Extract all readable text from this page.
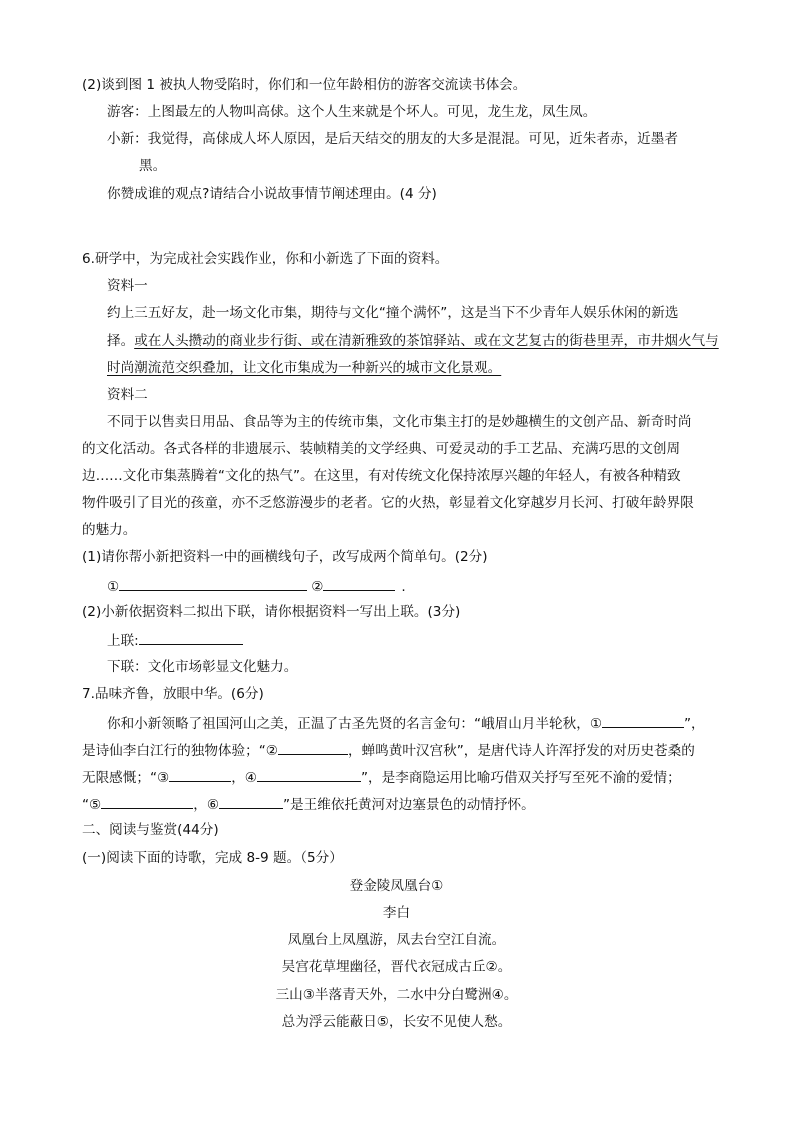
(2)谈到图 1 被执人物受陷时，你们和一位年龄相仿的游客交流读书体会。
游客：上图最左的人物叫高俅。这个人生来就是个坏人。可见，龙生龙，凤生凤。
小新：我觉得，高俅成人坏人原因，是后天结交的朋友的大多是混混。可见，近朱者赤，近墨者
黑。
你赞成谁的观点?请结合小说故事情节阐述理由。(4 分)
6.研学中，为完成社会实践作业，你和小新选了下面的资料。
资料一
约上三五好友，赴一场文化市集，期待与文化“撞个满怀”，这是当下不少青年人娱乐休闲的新选
择。或在人头攒动的商业步行街、或在清新雅致的茶馆驿站、或在文艺复古的街巷里弄，市井烟火气与
时尚潮流范交织叠加，让文化市集成为一种新兴的城市文化景观。
资料二
不同于以售卖日用品、食品等为主的传统市集，文化市集主打的是妙趣横生的文创产品、新奇时尚
的文化活动。各式各样的非遗展示、装帧精美的文学经典、可爱灵动的手工艺品、充满巧思的文创周
边……文化市集蒸腾着“文化的热气”。在这里，有对传统文化保持浓厚兴趣的年轻人，有被各种精致
物件吸引了目光的孩童，亦不乏悠游漫步的老者。它的火热，彰显着文化穿越岁月长河、打破年龄界限
的魅力。
(1)请你帮小新把资料一中的画横线句子，改写成两个简单句。(2分)
①	②	.
(2)小新依据资料二拟出下联，请你根据资料一写出上联。(3分)
上联:
下联：文化市场彰显文化魅力。
7.品味齐鲁，放眼中华。(6分)
你和小新领略了祖国河山之美，正温了古圣先贤的名言金句：“峨眉山月半轮秋，①	”，
是诗仙李白江行的独物体验；“②	，蝉鸣黄叶汉宫秋”，是唐代诗人许浑抒发的对历史苍桑的
无限感慨；“③	，④	”，是李商隐运用比喻巧借双关抒写至死不渝的爱情；
“⑤	，⑥	”是王维依托黄河对边塞景色的动情抒怀。
二、阅读与鉴赏(44分)
(一)阅读下面的诗歌，完成 8-9 题。（5分）
登金陵凤凰台①
李白
凤凰台上凤凰游，凤去台空江自流。
吴宫花草埋幽径，晋代衣冠成古丘②。
三山③半落青天外，二水中分白鹭洲④。
总为浮云能蔽日⑤，长安不见使人愁。
